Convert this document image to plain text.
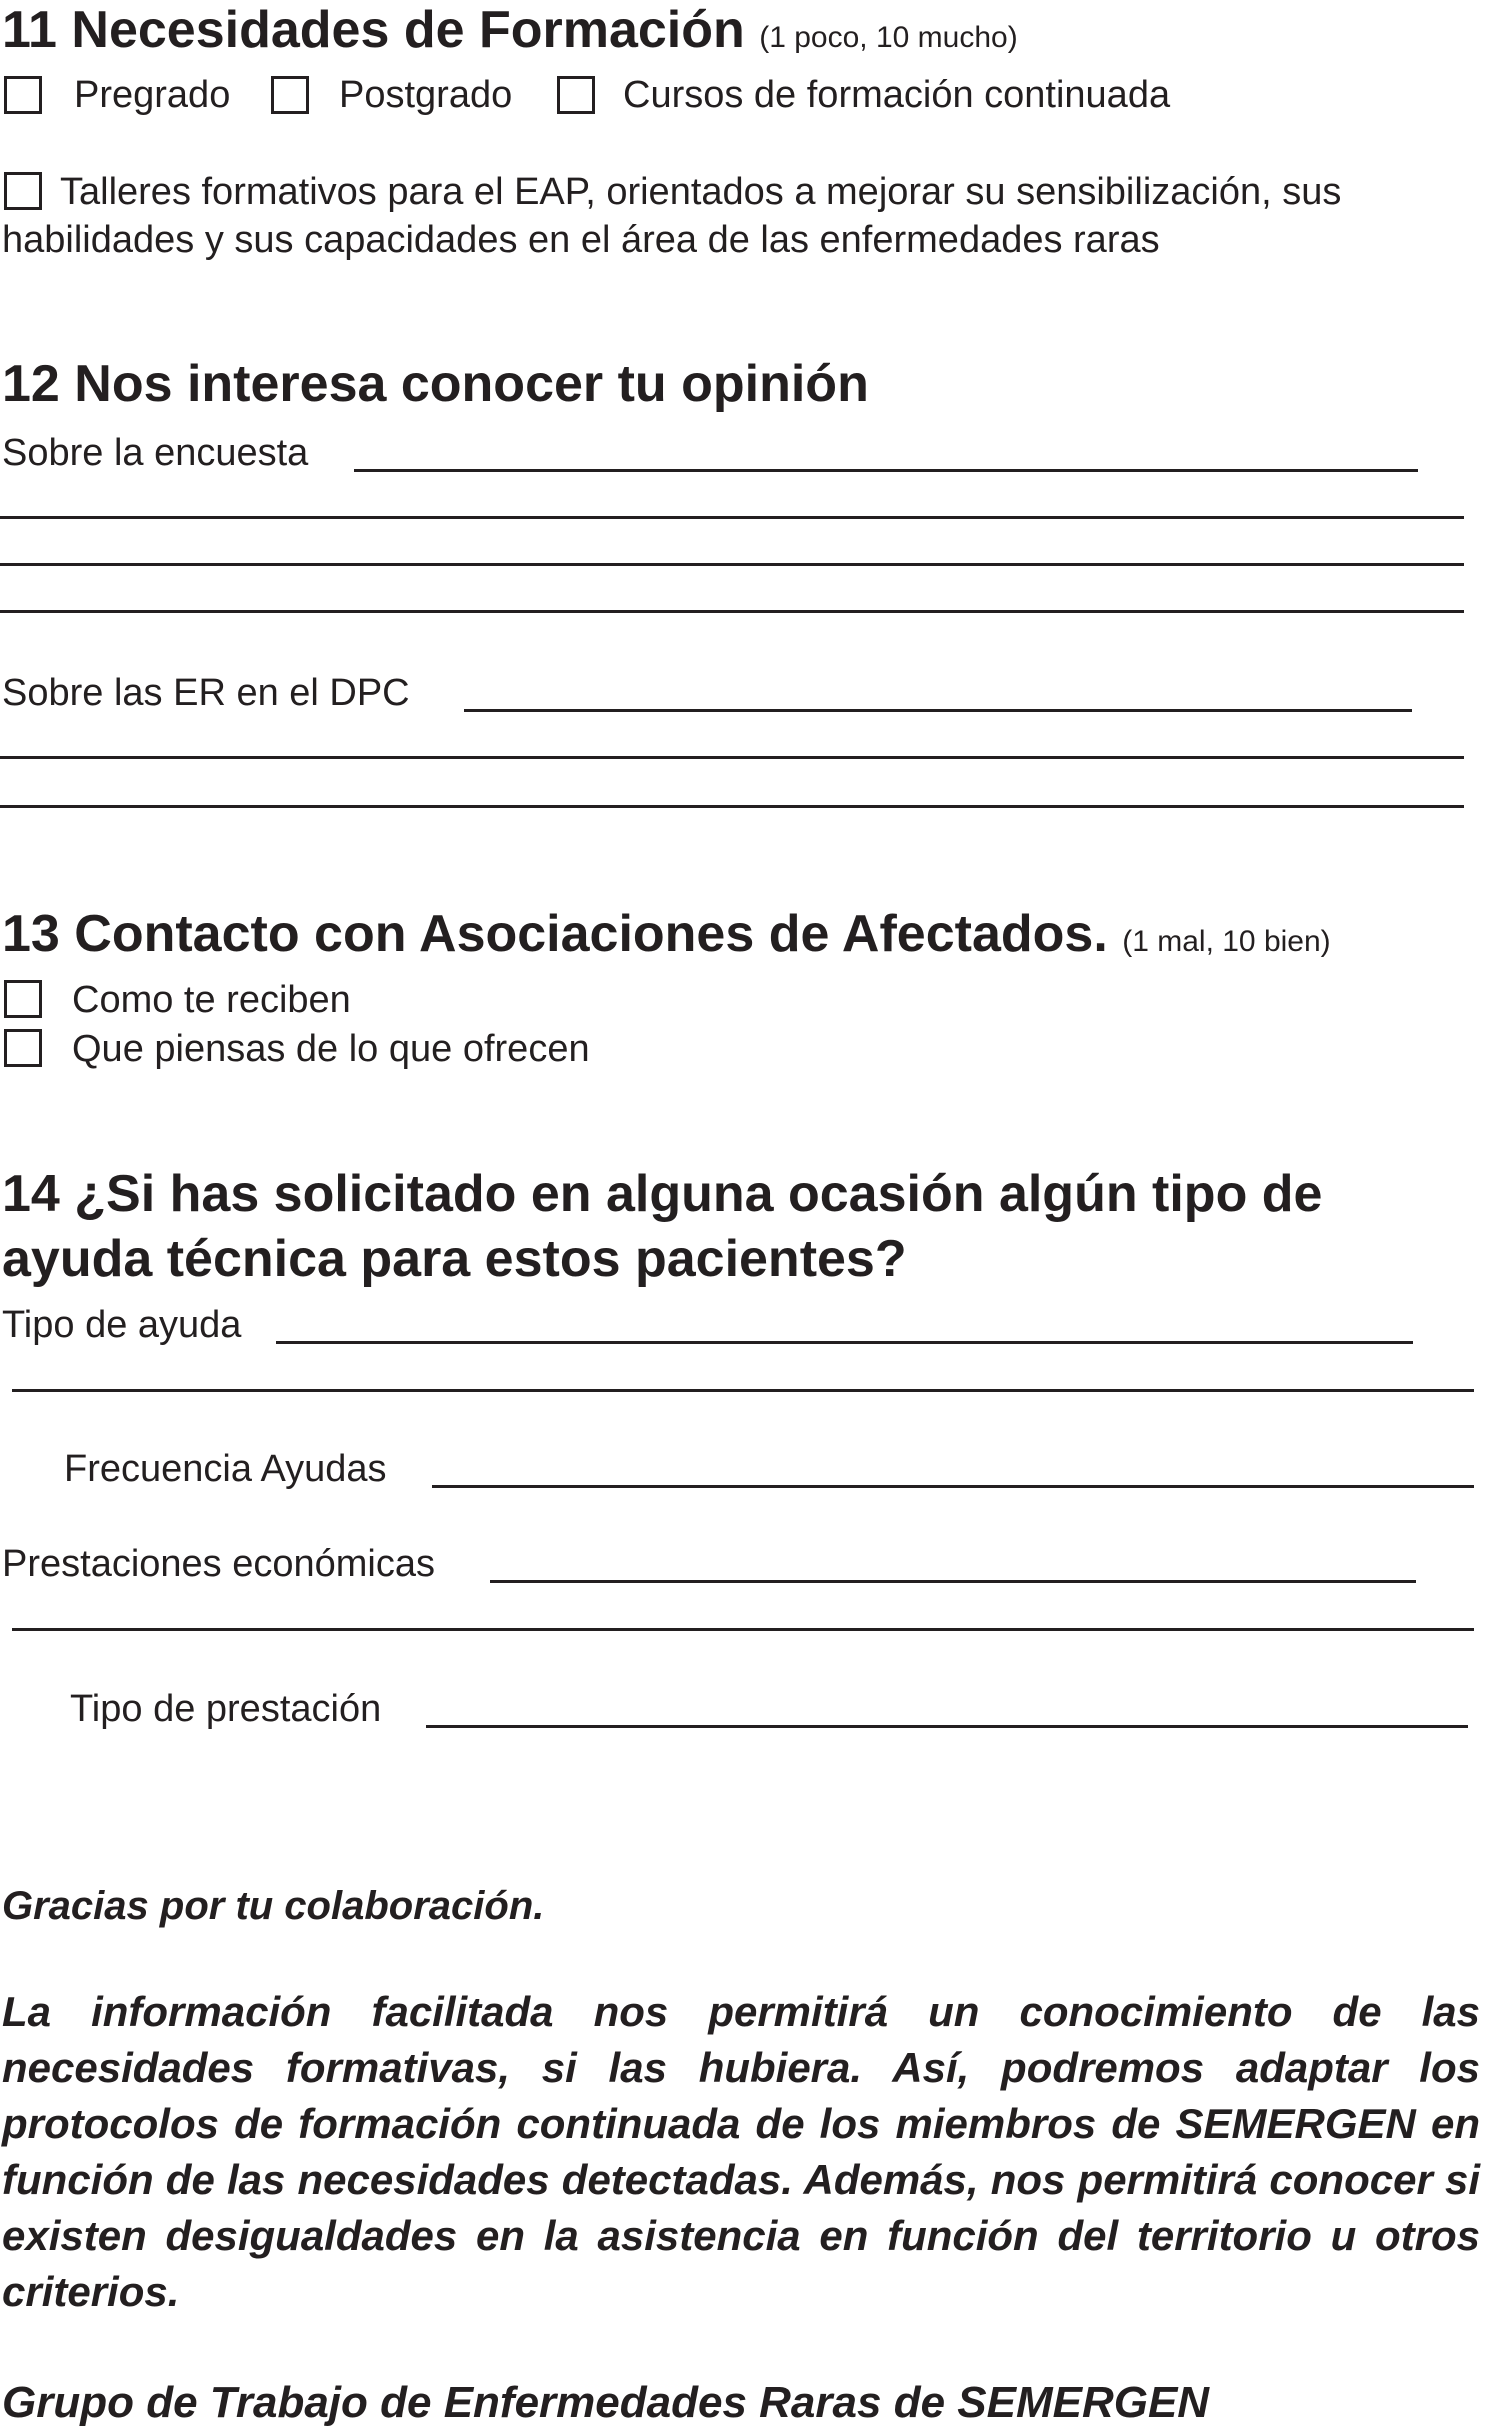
11 Necesidades de Formación (1 poco, 10 mucho)
Pregrado	Postgrado	Cursos de formación continuada
Talleres formativos para el EAP, orientados a mejorar su sensibilización, sus
habilidades y sus capacidades en el área de las enfermedades raras
12 Nos interesa conocer tu opinión
Sobre la encuesta
Sobre las ER en el DPC
13 Contacto con Asociaciones de Afectados. (1 mal, 10 bien)
Como te reciben
Que piensas de lo que ofrecen
14 ¿Si has solicitado en alguna ocasión algún tipo de
ayuda técnica para estos pacientes?
Tipo de ayuda
Frecuencia Ayudas
Prestaciones económicas
Tipo de prestación
Gracias por tu colaboración.
La información facilitada nos permitirá un conocimiento de las necesidades formativas, si las hubiera. Así, podremos adaptar los protocolos de formación continuada de los miembros de SEMERGEN en función de las necesidades detectadas. Además, nos permitirá conocer si existen desigualdades en la asistencia en función del territorio u otros criterios.
Grupo de Trabajo de Enfermedades Raras de SEMERGEN
